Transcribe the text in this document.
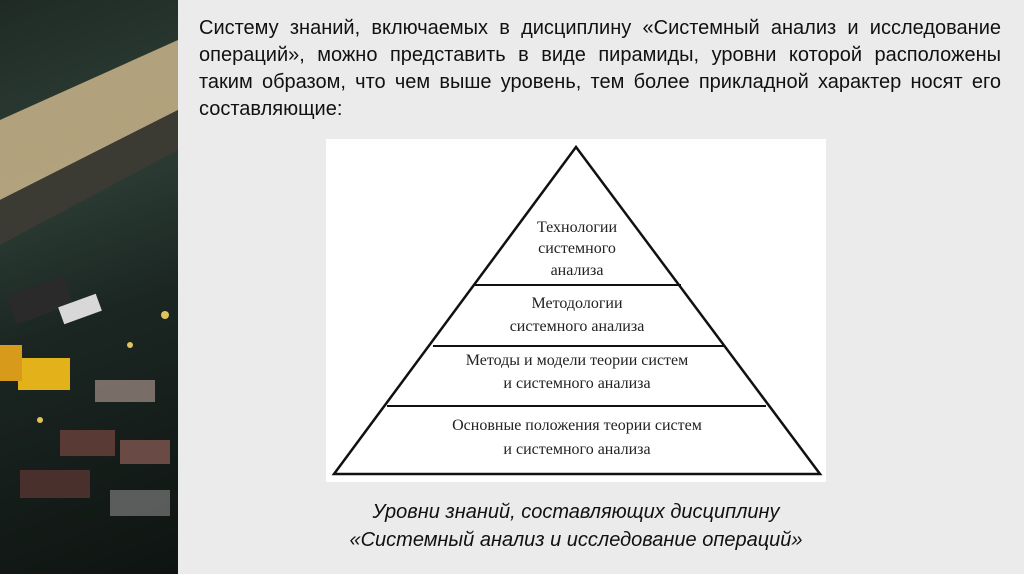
Систему знаний, включаемых в дисциплину «Системный анализ и исследование операций», можно представить в виде пирамиды, уровни которой расположены таким образом, что чем выше уровень, тем более прикладной характер носят его составляющие:

Технологии
системного
анализа
Методологии
системного анализа
Методы и модели теории систем
и системного анализа
Основные положения теории систем
и системного анализа

Уровни знаний, составляющих дисциплину
«Системный анализ и исследование операций»
